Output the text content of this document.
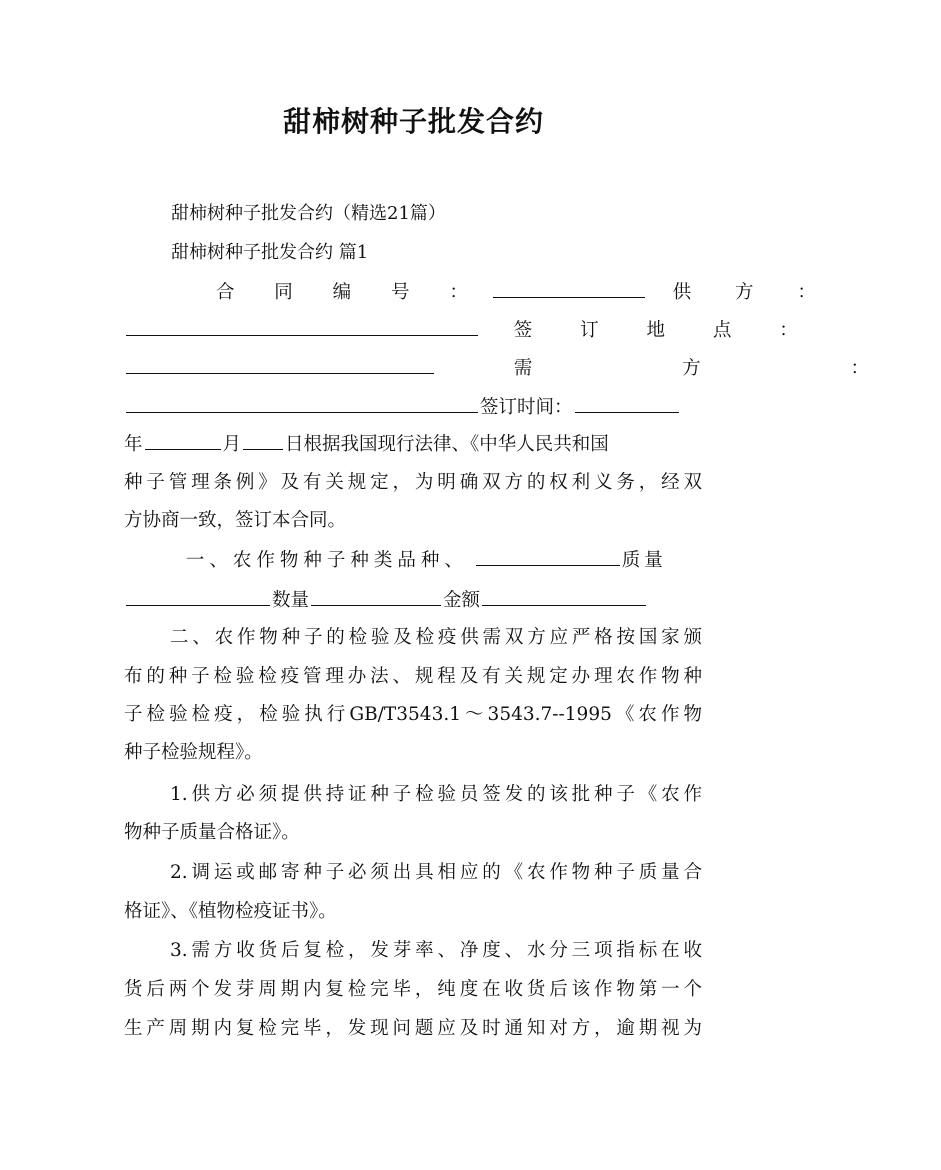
甜柿树种子批发合约
甜柿树种子批发合约（精选21篇）
甜柿树种子批发合约 篇1
合 同 编 号 ：	供 方 ：
签 订 地 点 ：
需 方 ：
签订时间：
年	月 日根据我国现行法律、《中华人民共和国
种子管理条例》及有关规定，为明确双方的权利义务，经双
方协商一致，签订本合同。
一、农作物种子种类品种、	质量
数量	金额
二、农作物种子的检验及检疫供需双方应严格按国家颁
布的种子检验检疫管理办法、规程及有关规定办理农作物种
子检验检疫，检验执行GB/T3543.1～3543.7--1995《农作物
种子检验规程》。
1.供方必须提供持证种子检验员签发的该批种子《农作
物种子质量合格证》。
2.调运或邮寄种子必须出具相应的《农作物种子质量合
格证》、《植物检疫证书》。
3.需方收货后复检，发芽率、净度、水分三项指标在收
货后两个发芽周期内复检完毕，纯度在收货后该作物第一个
生产周期内复检完毕，发现问题应及时通知对方，逾期视为
